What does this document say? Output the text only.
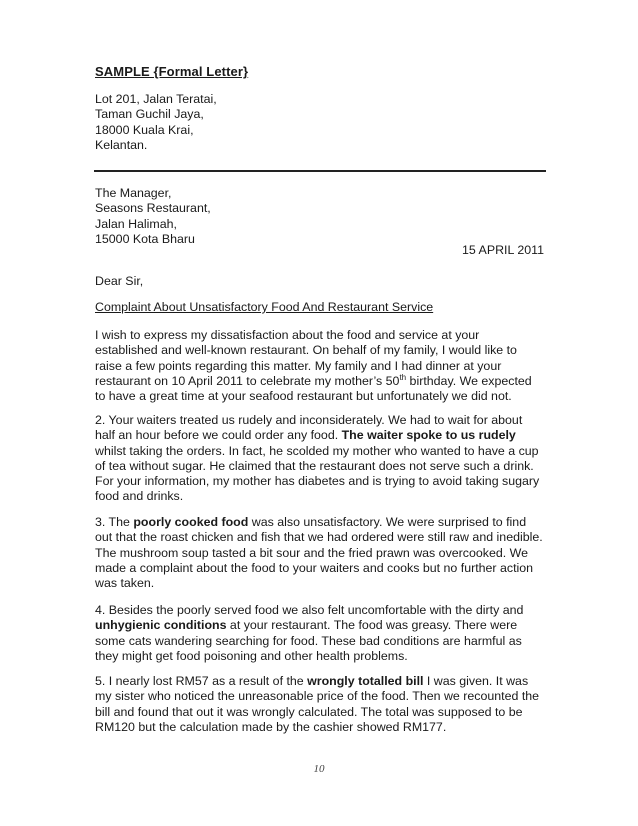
SAMPLE {Formal Letter}
Lot 201, Jalan Teratai,
Taman Guchil Jaya,
18000 Kuala Krai,
Kelantan.
The Manager,
Seasons Restaurant,
Jalan Halimah,
15000 Kota Bharu
15 APRIL 2011
Dear Sir,
Complaint About Unsatisfactory Food And Restaurant Service
I wish to express my dissatisfaction about the food and service at your
established and well-known restaurant. On behalf of my family, I would like to
raise a few points regarding this matter. My family and I had dinner at your
restaurant on 10 April 2011 to celebrate my mother’s 50th birthday. We expected
to have a great time at your seafood restaurant but unfortunately we did not.
2. Your waiters treated us rudely and inconsiderately. We had to wait for about
half an hour before we could order any food. The waiter spoke to us rudely
whilst taking the orders. In fact, he scolded my mother who wanted to have a cup
of tea without sugar. He claimed that the restaurant does not serve such a drink.
For your information, my mother has diabetes and is trying to avoid taking sugary
food and drinks.
3. The poorly cooked food was also unsatisfactory. We were surprised to find
out that the roast chicken and fish that we had ordered were still raw and inedible.
The mushroom soup tasted a bit sour and the fried prawn was overcooked. We
made a complaint about the food to your waiters and cooks but no further action
was taken.
4. Besides the poorly served food we also felt uncomfortable with the dirty and
unhygienic conditions at your restaurant. The food was greasy. There were
some cats wandering searching for food. These bad conditions are harmful as
they might get food poisoning and other health problems.
5. I nearly lost RM57 as a result of the wrongly totalled bill I was given. It was
my sister who noticed the unreasonable price of the food. Then we recounted the
bill and found that out it was wrongly calculated. The total was supposed to be
RM120 but the calculation made by the cashier showed RM177.
10
